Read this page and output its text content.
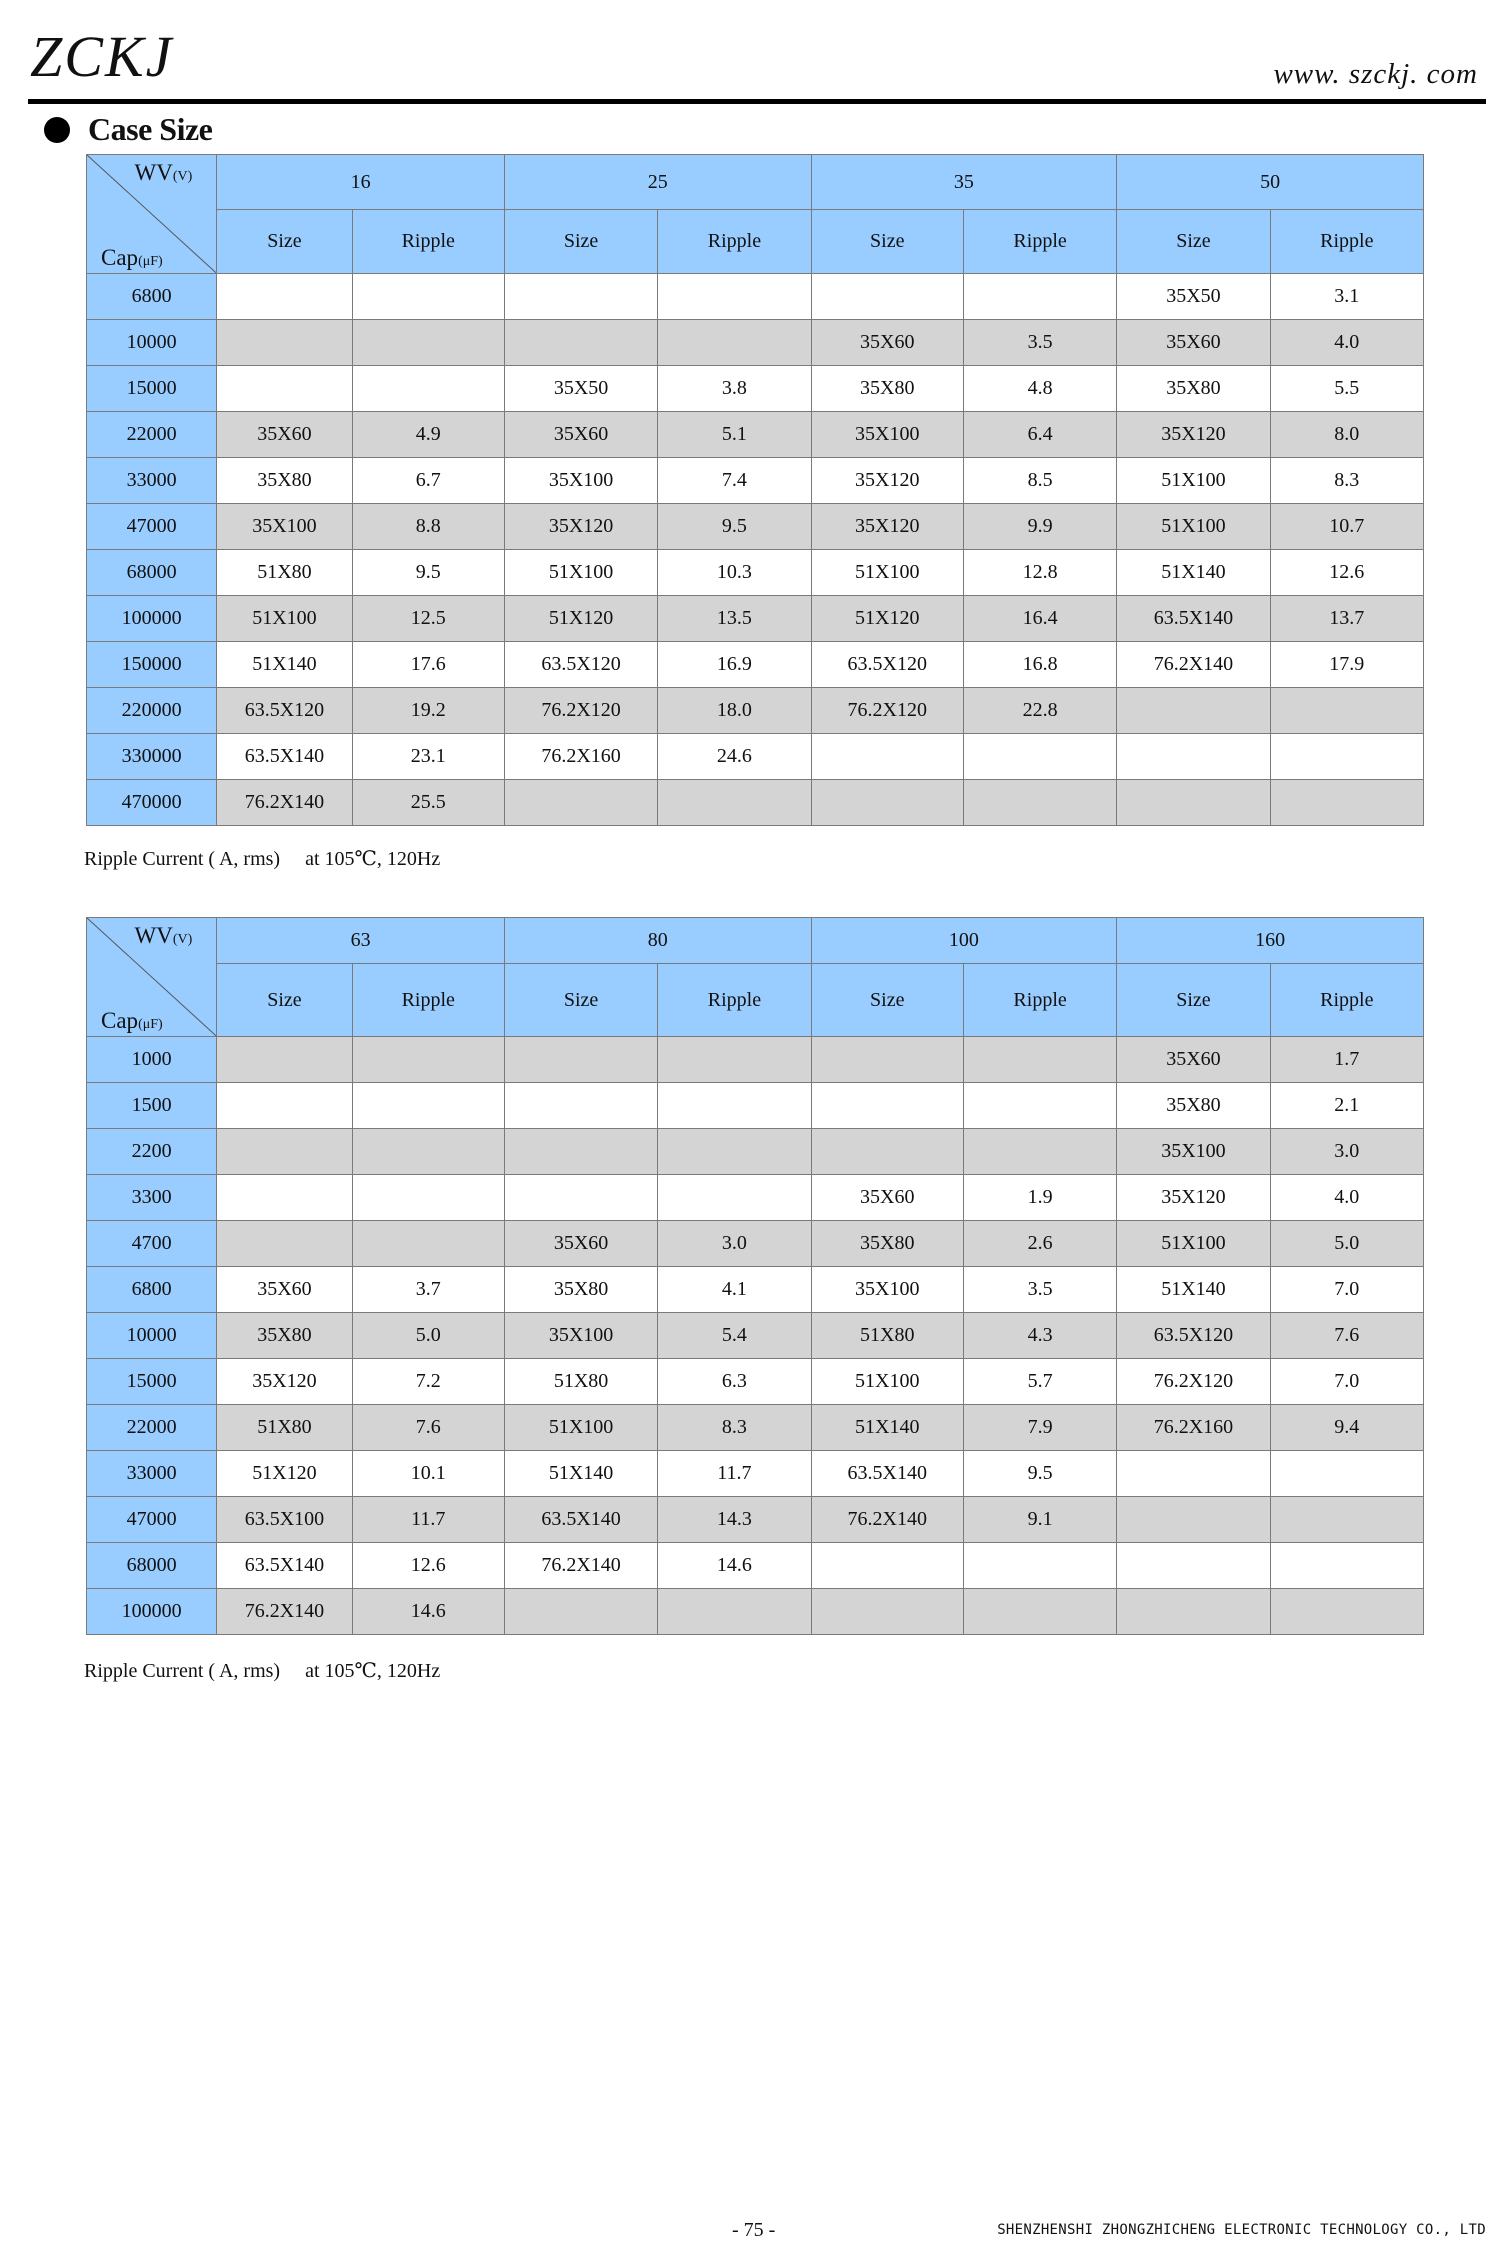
ZCKJ	www. szckj. com
Case Size
WV(V)
Cap(μF)	16		25		35		50	
	Size	Ripple	Size	Ripple	Size	Ripple	Size	Ripple
6800							35X50	3.1
10000					35X60	3.5	35X60	4.0
15000			35X50	3.8	35X80	4.8	35X80	5.5
22000	35X60	4.9	35X60	5.1	35X100	6.4	35X120	8.0
33000	35X80	6.7	35X100	7.4	35X120	8.5	51X100	8.3
47000	35X100	8.8	35X120	9.5	35X120	9.9	51X100	10.7
68000	51X80	9.5	51X100	10.3	51X100	12.8	51X140	12.6
100000	51X100	12.5	51X120	13.5	51X120	16.4	63.5X140	13.7
150000	51X140	17.6	63.5X120	16.9	63.5X120	16.8	76.2X140	17.9
220000	63.5X120	19.2	76.2X120	18.0	76.2X120	22.8		
330000	63.5X140	23.1	76.2X160	24.6				
470000	76.2X140	25.5						
Ripple Current ( A, rms)　 at 105℃, 120Hz
WV(V)
Cap(μF)	63		80		100		160	
	Size	Ripple	Size	Ripple	Size	Ripple	Size	Ripple
1000							35X60	1.7
1500							35X80	2.1
2200							35X100	3.0
3300					35X60	1.9	35X120	4.0
4700			35X60	3.0	35X80	2.6	51X100	5.0
6800	35X60	3.7	35X80	4.1	35X100	3.5	51X140	7.0
10000	35X80	5.0	35X100	5.4	51X80	4.3	63.5X120	7.6
15000	35X120	7.2	51X80	6.3	51X100	5.7	76.2X120	7.0
22000	51X80	7.6	51X100	8.3	51X140	7.9	76.2X160	9.4
33000	51X120	10.1	51X140	11.7	63.5X140	9.5		
47000	63.5X100	11.7	63.5X140	14.3	76.2X140	9.1		
68000	63.5X140	12.6	76.2X140	14.6				
100000	76.2X140	14.6						
Ripple Current ( A, rms)　 at 105℃, 120Hz
- 75 -	SHENZHENSHI ZHONGZHICHENG ELECTRONIC TECHNOLOGY CO., LTD
